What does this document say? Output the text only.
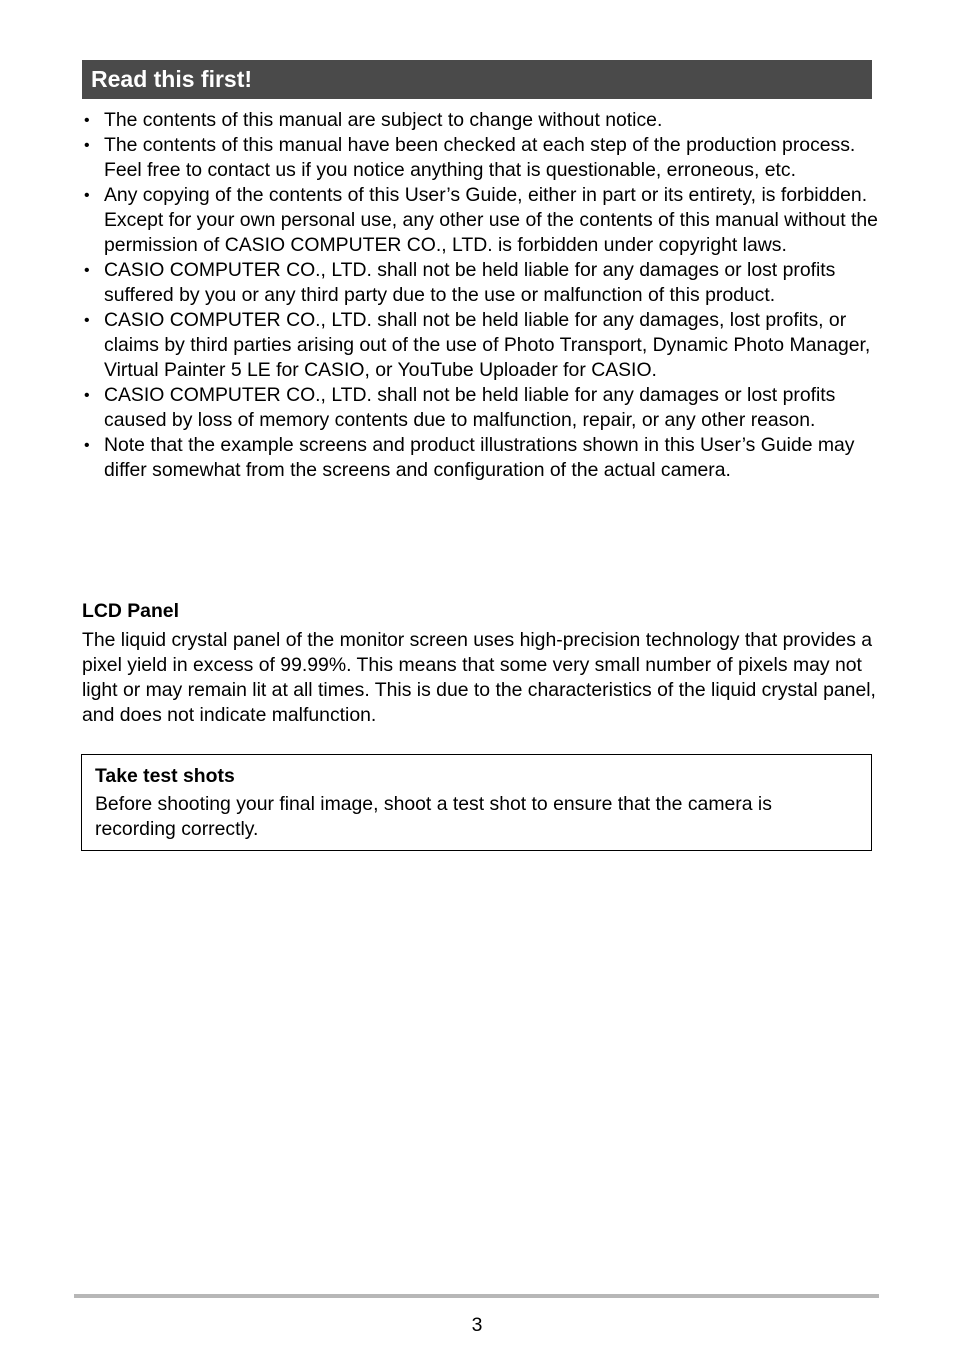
Read this first!
• The contents of this manual are subject to change without notice.
• The contents of this manual have been checked at each step of the production process. Feel free to contact us if you notice anything that is questionable, erroneous, etc.
• Any copying of the contents of this User’s Guide, either in part or its entirety, is forbidden. Except for your own personal use, any other use of the contents of this manual without the permission of CASIO COMPUTER CO., LTD. is forbidden under copyright laws.
• CASIO COMPUTER CO., LTD. shall not be held liable for any damages or lost profits suffered by you or any third party due to the use or malfunction of this product.
• CASIO COMPUTER CO., LTD. shall not be held liable for any damages, lost profits, or claims by third parties arising out of the use of Photo Transport, Dynamic Photo Manager, Virtual Painter 5 LE for CASIO, or YouTube Uploader for CASIO.
• CASIO COMPUTER CO., LTD. shall not be held liable for any damages or lost profits caused by loss of memory contents due to malfunction, repair, or any other reason.
• Note that the example screens and product illustrations shown in this User’s Guide may differ somewhat from the screens and configuration of the actual camera.
LCD Panel

The liquid crystal panel of the monitor screen uses high-precision technology that provides a pixel yield in excess of 99.99%. This means that some very small number of pixels may not light or may remain lit at all times. This is due to the characteristics of the liquid crystal panel, and does not indicate malfunction.

Take test shots
Before shooting your final image, shoot a test shot to ensure that the camera is recording correctly.
3
